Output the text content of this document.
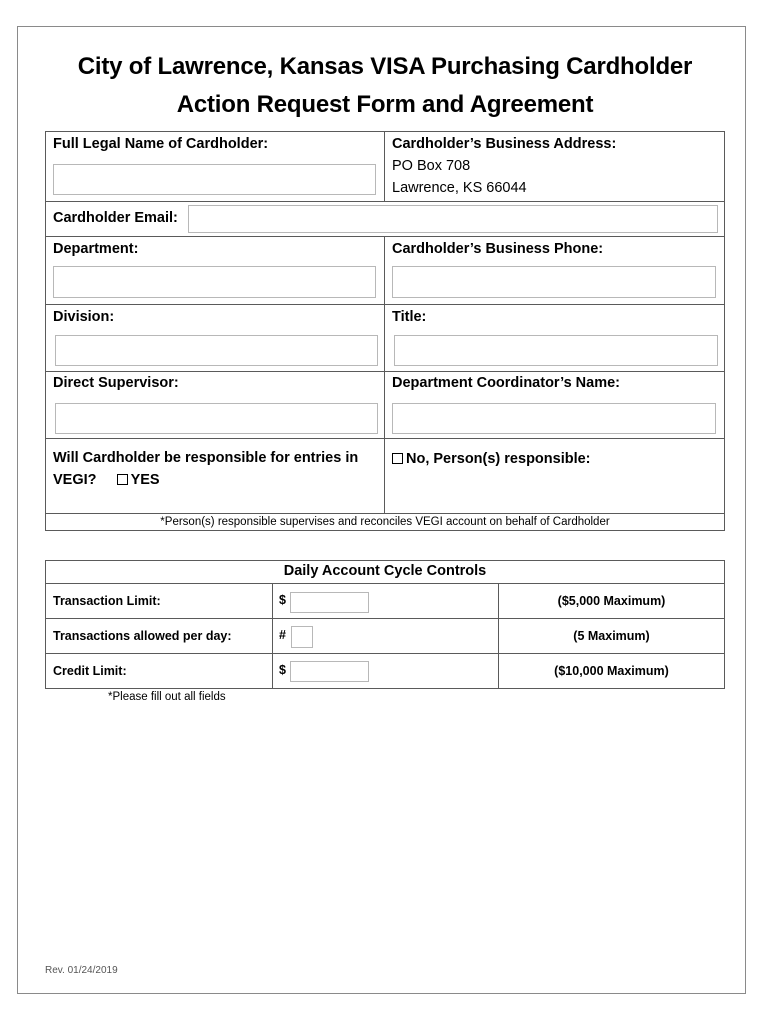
City of Lawrence, Kansas VISA Purchasing Cardholder
Action Request Form and Agreement
Full Legal Name of Cardholder:	Cardholder’s Business Address:
PO Box 708
Lawrence, KS 66044
Cardholder Email:
Department:	Cardholder’s Business Phone:
Division:	Title:
Direct Supervisor:	Department Coordinator’s Name:
Will Cardholder be responsible for entries in
VEGI? YES
No, Person(s) responsible:
*Person(s) responsible supervises and reconciles VEGI account on behalf of Cardholder
Daily Account Cycle Controls
Transaction Limit:	$	($5,000 Maximum)
Transactions allowed per day:	#	(5 Maximum)
Credit Limit:	$	($10,000 Maximum)
*Please fill out all fields
Rev. 01/24/2019
